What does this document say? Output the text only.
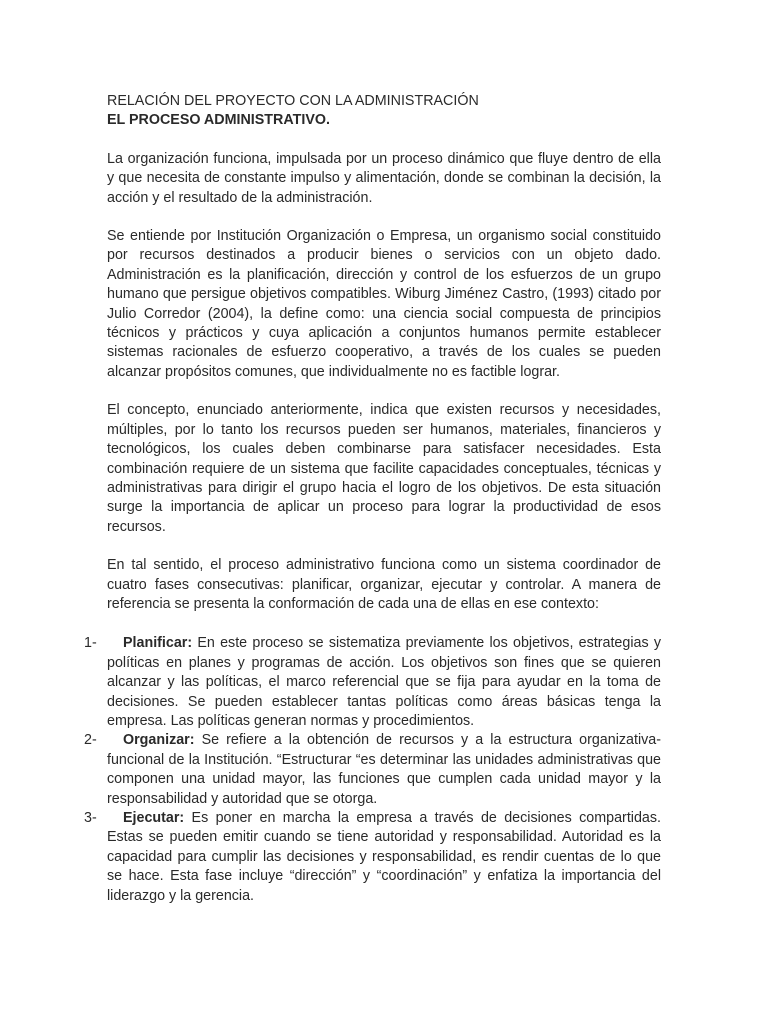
RELACIÓN DEL PROYECTO CON LA ADMINISTRACIÓN
EL PROCESO ADMINISTRATIVO.

La organización funciona, impulsada por un proceso dinámico que fluye dentro de ella y que necesita de constante impulso y alimentación, donde se combinan la decisión, la acción y el resultado de la administración.

Se entiende por Institución Organización o Empresa, un organismo social constituido por recursos destinados a producir bienes o servicios con un objeto dado. Administración es la planificación, dirección y control de los esfuerzos de un grupo humano que persigue objetivos compatibles. Wiburg Jiménez Castro, (1993) citado por Julio Corredor (2004), la define como: una ciencia social compuesta de principios técnicos y prácticos y cuya aplicación a conjuntos humanos permite establecer sistemas racionales de esfuerzo cooperativo, a través de los cuales se pueden alcanzar propósitos comunes, que individualmente no es factible lograr.

El concepto, enunciado anteriormente, indica que existen recursos y necesidades, múltiples, por lo tanto los recursos pueden ser humanos, materiales, financieros y tecnológicos, los cuales deben combinarse para satisfacer necesidades. Esta combinación requiere de un sistema que facilite capacidades conceptuales, técnicas y administrativas para dirigir el grupo hacia el logro de los objetivos. De esta situación surge la importancia de aplicar un proceso para lograr la productividad de esos recursos.

En tal sentido, el proceso administrativo funciona como un sistema coordinador de cuatro fases consecutivas: planificar, organizar, ejecutar y controlar. A manera de referencia se presenta la conformación de cada una de ellas en ese contexto:

1-	Planificar: En este proceso se sistematiza previamente los objetivos, estrategias y políticas en planes y programas de acción. Los objetivos son fines que se quieren alcanzar y las políticas, el marco referencial que se fija para ayudar en la toma de decisiones. Se pueden establecer tantas políticas como áreas básicas tenga la empresa. Las políticas generan normas y procedimientos.
2-	Organizar: Se refiere a la obtención de recursos y a la estructura organizativa-funcional de la Institución. “Estructurar “es determinar las unidades administrativas que componen una unidad mayor, las funciones que cumplen cada unidad mayor y la responsabilidad y autoridad que se otorga.
3-	Ejecutar: Es poner en marcha la empresa a través de decisiones compartidas. Estas se pueden emitir cuando se tiene autoridad y responsabilidad. Autoridad es la capacidad para cumplir las decisiones y responsabilidad, es rendir cuentas de lo que se hace. Esta fase incluye “dirección” y “coordinación” y enfatiza la importancia del liderazgo y la gerencia.
